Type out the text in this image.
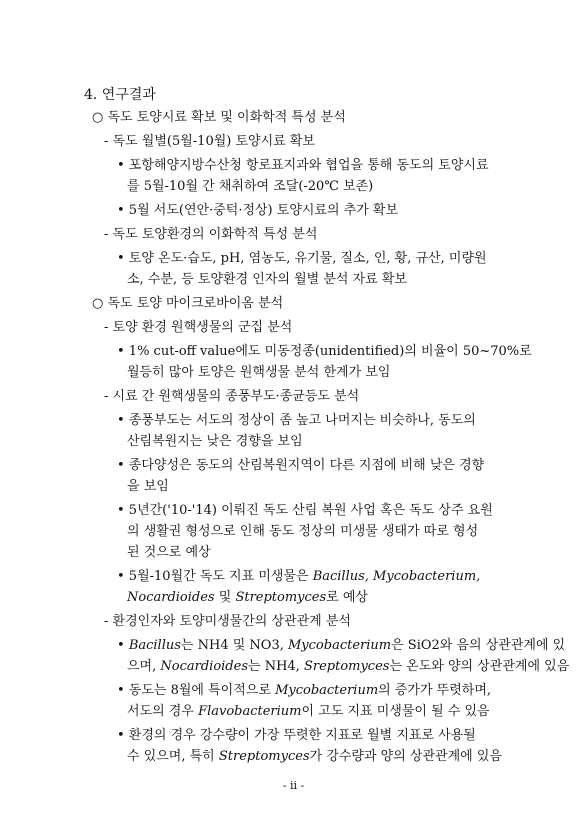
4. 연구결과
○ 독도 토양시료 확보 및 이화학적 특성 분석
- 독도 월별(5월-10월) 토양시료 확보
• 포항해양지방수산청 항로표지과와 협업을 통해 동도의 토양시료
를 5월-10월 간 채취하여 조달(-20℃ 보존)
• 5월 서도(연안·중턱·정상) 토양시료의 추가 확보
- 독도 토양환경의 이화학적 특성 분석
• 토양 온도·습도, pH, 염농도, 유기물, 질소, 인, 황, 규산, 미량원
소, 수분, 등 토양환경 인자의 월별 분석 자료 확보
○ 독도 토양 마이크로바이옴 분석
- 토양 환경 원핵생물의 군집 분석
• 1% cut-off value에도 미동정종(unidentified)의 비율이 50~70%로
월등히 많아 토양은 원핵생물 분석 한계가 보임
- 시료 간 원핵생물의 종풍부도·종균등도 분석
• 종풍부도는 서도의 정상이 좀 높고 나머지는 비슷하나, 동도의
산림복원지는 낮은 경향을 보임
• 종다양성은 동도의 산림복원지역이 다른 지점에 비해 낮은 경향
을 보임
• 5년간('10-'14) 이뤄진 독도 산림 복원 사업 혹은 독도 상주 요원
의 생활권 형성으로 인해 동도 정상의 미생물 생태가 따로 형성
된 것으로 예상
• 5월-10월간 독도 지표 미생물은 Bacillus, Mycobacterium,
Nocardioides 및 Streptomyces로 예상
- 환경인자와 토양미생물간의 상관관계 분석
• Bacillus는 NH4 및 NO3, Mycobacterium은 SiO2와 음의 상관관계에 있
으며, Nocardioides는 NH4, Sreptomyces는 온도와 양의 상관관계에 있음
• 동도는 8월에 특이적으로 Mycobacterium의 증가가 뚜렷하며,
서도의 경우 Flavobacterium이 고도 지표 미생물이 될 수 있음
• 환경의 경우 강수량이 가장 뚜렷한 지표로 월별 지표로 사용될
수 있으며, 특히 Streptomyces가 강수량과 양의 상관관계에 있음
- ii -
